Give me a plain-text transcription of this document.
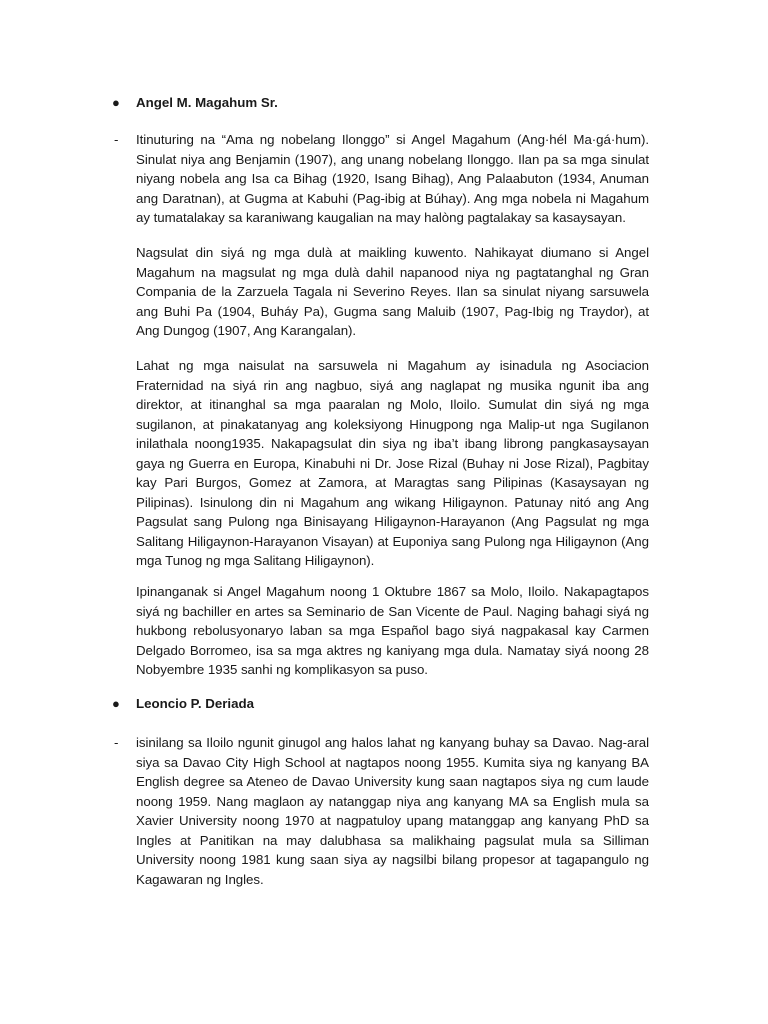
● Angel M. Magahum Sr.
- Itinuturing na “Ama ng nobelang Ilonggo” si Angel Magahum (Ang·hél Ma·gá·hum). Sinulat niya ang Benjamin (1907), ang unang nobelang Ilonggo. Ilan pa sa mga sinulat niyang nobela ang Isa ca Bihag (1920, Isang Bihag), Ang Palaabuton (1934, Anuman ang Daratnan), at Gugma at Kabuhi (Pag-ibig at Búhay). Ang mga nobela ni Magahum ay tumatalakay sa karaniwang kaugalian na may halòng pagtalakay sa kasaysayan.

Nagsulat din siyá ng mga dulà at maikling kuwento. Nahikayat diumano si Angel Magahum na magsulat ng mga dulà dahil napanood niya ng pagtatanghal ng Gran Compania de la Zarzuela Tagala ni Severino Reyes. Ilan sa sinulat niyang sarsuwela ang Buhi Pa (1904, Buháy Pa), Gugma sang Maluib (1907, Pag-Ibig ng Traydor), at Ang Dungog (1907, Ang Karangalan).

Lahat ng mga naisulat na sarsuwela ni Magahum ay isinadula ng Asociacion Fraternidad na siyá rin ang nagbuo, siyá ang naglapat ng musika ngunit iba ang direktor, at itinanghal sa mga paaralan ng Molo, Iloilo. Sumulat din siyá ng mga sugilanon, at pinakatanyag ang koleksiyong Hinugpong nga Malip-ut nga Sugilanon inilathala noong1935. Nakapagsulat din siya ng iba’t ibang librong pangkasaysayan gaya ng Guerra en Europa, Kinabuhi ni Dr. Jose Rizal (Buhay ni Jose Rizal), Pagbitay kay Pari Burgos, Gomez at Zamora, at Maragtas sang Pilipinas (Kasaysayan ng Pilipinas). Isinulong din ni Magahum ang wikang Hiligaynon. Patunay nitó ang Ang Pagsulat sang Pulong nga Binisayang Hiligaynon-Harayanon (Ang Pagsulat ng mga Salitang Hiligaynon-Harayanon Visayan) at Euponiya sang Pulong nga Hiligaynon (Ang mga Tunog ng mga Salitang Hiligaynon).

Ipinanganak si Angel Magahum noong 1 Oktubre 1867 sa Molo, Iloilo. Nakapagtapos siyá ng bachiller en artes sa Seminario de San Vicente de Paul. Naging bahagi siyá ng hukbong rebolusyonaryo laban sa mga Español bago siyá nagpakasal kay Carmen Delgado Borromeo, isa sa mga aktres ng kaniyang mga dula. Namatay siyá noong 28 Nobyembre 1935 sanhi ng komplikasyon sa puso.

● Leoncio P. Deriada
- isinilang sa Iloilo ngunit ginugol ang halos lahat ng kanyang buhay sa Davao. Nag-aral siya sa Davao City High School at nagtapos noong 1955. Kumita siya ng kanyang BA English degree sa Ateneo de Davao University kung saan nagtapos siya ng cum laude noong 1959. Nang maglaon ay natanggap niya ang kanyang MA sa English mula sa Xavier University noong 1970 at nagpatuloy upang matanggap ang kanyang PhD sa Ingles at Panitikan na may dalubhasa sa malikhaing pagsulat mula sa Silliman University noong 1981 kung saan siya ay nagsilbi bilang propesor at tagapangulo ng Kagawaran ng Ingles.
